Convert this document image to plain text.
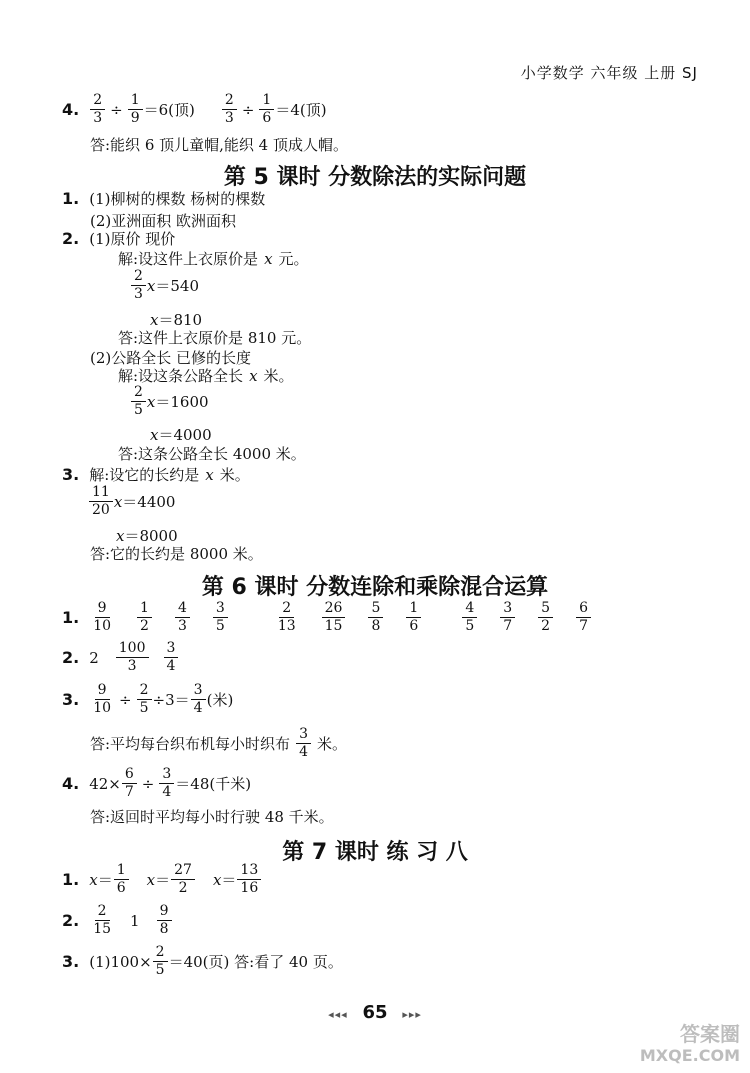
小学数学 六年级 上册 SJ
4. $\frac{2}{3} \div \frac{1}{9} =6$(顶) $\frac{2}{3} \div \frac{1}{6} =4$(顶)
答:能织 6 顶儿童帽,能织 4 顶成人帽。
第 5 课时 分数除法的实际问题
1. (1)柳树的棵数 杨树的棵数
(2)亚洲面积 欧洲面积
2. (1)原价 现价
解:设这件上衣原价是 x 元。
$\frac{2}{3}$ x ＝540
x ＝810
答:这件上衣原价是 810 元。
(2)公路全长 已修的长度
解:设这条公路全长 x 米。
$\frac{2}{5}$ x ＝1600
x ＝4000
答:这条公路全长 4000 米。
3. 解:设它的长约是 x 米。
$\frac{11}{20}$ x ＝4400
x ＝8000
答:它的长约是 8000 米。
第 6 课时 分数连除和乘除混合运算
1. $\frac{9}{10} \frac{1}{2} \frac{4}{3} \frac{3}{5}$	$\frac{2}{13} \frac{26}{15} \frac{5}{8} \frac{1}{6}$	$\frac{4}{5} \frac{3}{7} \frac{5}{2} \frac{6}{7}$
2. $2 \frac{100}{3} \frac{3}{4}$
3. $\frac{9}{10} \div \frac{2}{5} \div 3= \frac{3}{4}$ (米)
答:平均每台织布机每小时织布 $\frac{3}{4}$ 米。
4. $42\times \frac{6}{7} \div \frac{3}{4} =48$(千米)
答:返回时平均每小时行驶 48 千米。
第 7 课时 练 习 八
1. $x = \frac{1}{6}$ $x = \frac{27}{2}$ $x = \frac{13}{16}$
2. $\frac{2}{15} 1 \frac{9}{8}$
3. $(1)100\times \frac{2}{5} =40$(页) 答:看了 40 页。
◂◂◂ 65 ▸▸▸
答案圈
MXQE.COM
